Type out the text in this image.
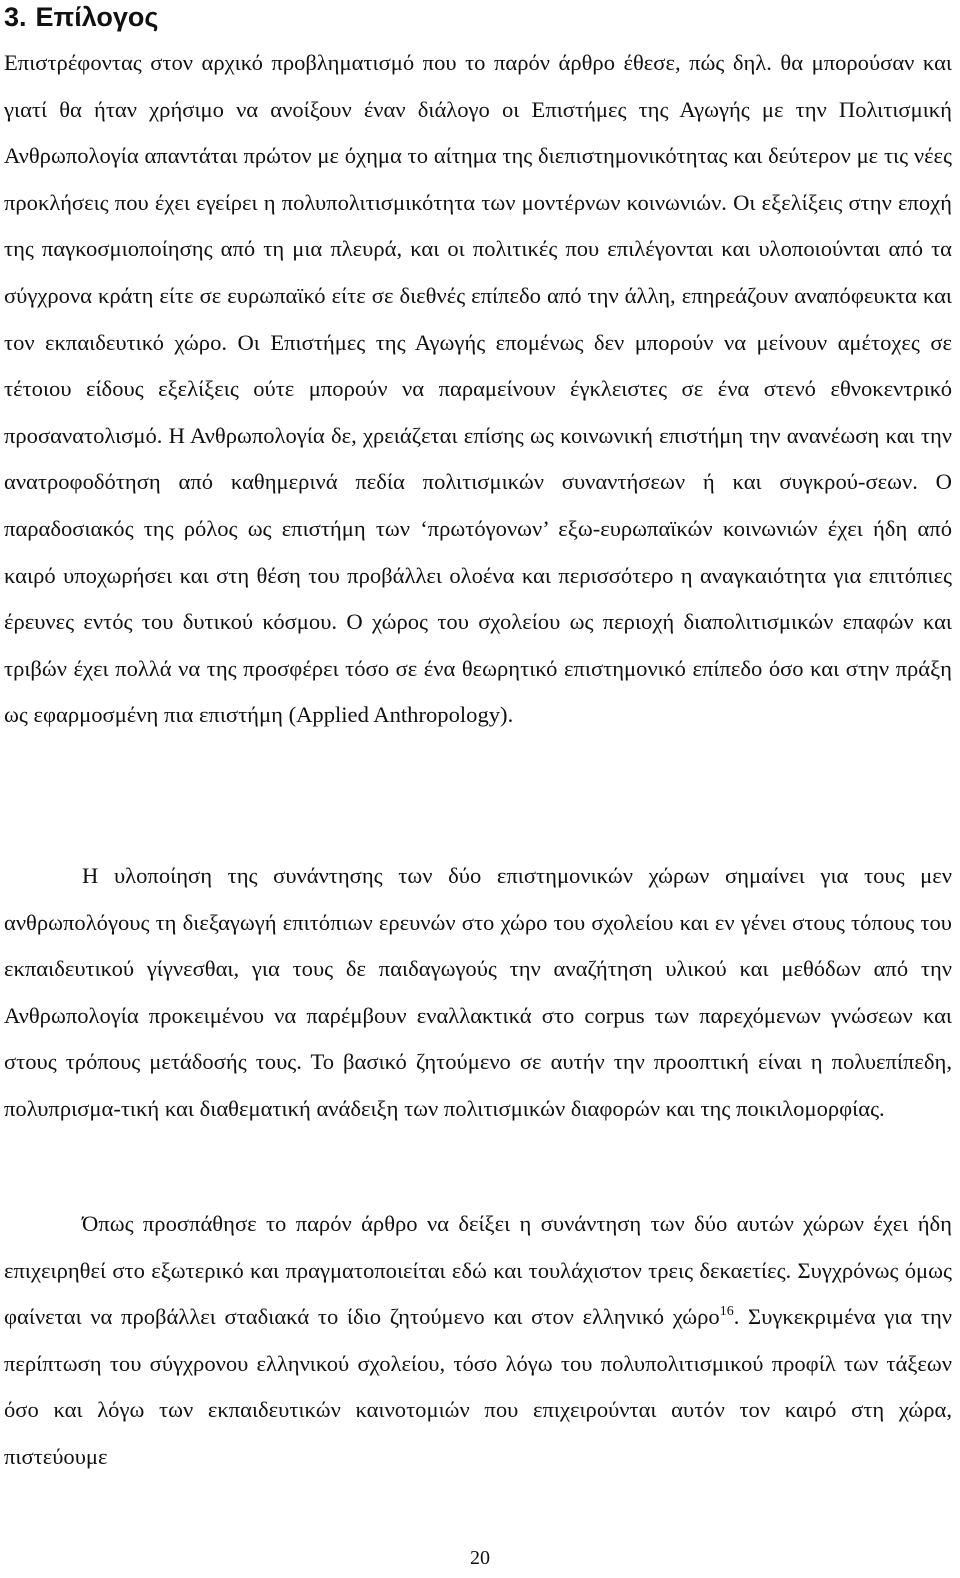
3. Επίλογος

Επιστρέφοντας στον αρχικό προβληματισμό που το παρόν άρθρο έθεσε, πώς δηλ. θα μπορούσαν και γιατί θα ήταν χρήσιμο να ανοίξουν έναν διάλογο οι Επιστήμες της Αγωγής με την Πολιτισμική Ανθρωπολογία απαντάται πρώτον με όχημα το αίτημα της διεπιστημονικότητας και δεύτερον με τις νέες προκλήσεις που έχει εγείρει η πολυπολιτισμικότητα των μοντέρνων κοινωνιών. Οι εξελίξεις στην εποχή της παγκοσμιοποίησης από τη μια πλευρά, και οι πολιτικές που επιλέγονται και υλοποιούνται από τα σύγχρονα κράτη είτε σε ευρωπαϊκό είτε σε διεθνές επίπεδο από την άλλη, επηρεάζουν αναπόφευκτα και τον εκπαιδευτικό χώρο. Οι Επιστήμες της Αγωγής επομένως δεν μπορούν να μείνουν αμέτοχες σε τέτοιου είδους εξελίξεις ούτε μπορούν να παραμείνουν έγκλειστες σε ένα στενό εθνοκεντρικό προσανατολισμό. Η Ανθρωπολογία δε, χρειάζεται επίσης ως κοινωνική επιστήμη την ανανέωση και την ανατροφοδότηση από καθημερινά πεδία πολιτισμικών συναντήσεων ή και συγκρού-σεων. Ο παραδοσιακός της ρόλος ως επιστήμη των ‘πρωτόγονων’ εξω-ευρωπαϊκών κοινωνιών έχει ήδη από καιρό υποχωρήσει και στη θέση του προβάλλει ολοένα και περισσότερο η αναγκαιότητα για επιτόπιες έρευνες εντός του δυτικού κόσμου. Ο χώρος του σχολείου ως περιοχή διαπολιτισμικών επαφών και τριβών έχει πολλά να της προσφέρει τόσο σε ένα θεωρητικό επιστημονικό επίπεδο όσο και στην πράξη ως εφαρμοσμένη πια επιστήμη (Applied Anthropology).

Η υλοποίηση της συνάντησης των δύο επιστημονικών χώρων σημαίνει για τους μεν ανθρωπολόγους τη διεξαγωγή επιτόπιων ερευνών στο χώρο του σχολείου και εν γένει στους τόπους του εκπαιδευτικού γίγνεσθαι, για τους δε παιδαγωγούς την αναζήτηση υλικού και μεθόδων από την Ανθρωπολογία προκειμένου να παρέμβουν εναλλακτικά στο corpus των παρεχόμενων γνώσεων και στους τρόπους μετάδοσής τους. Το βασικό ζητούμενο σε αυτήν την προοπτική είναι η πολυεπίπεδη, πολυπρισμα-τική και διαθεματική ανάδειξη των πολιτισμικών διαφορών και της ποικιλομορφίας.

Όπως προσπάθησε το παρόν άρθρο να δείξει η συνάντηση των δύο αυτών χώρων έχει ήδη επιχειρηθεί στο εξωτερικό και πραγματοποιείται εδώ και τουλάχιστον τρεις δεκαετίες. Συγχρόνως όμως φαίνεται να προβάλλει σταδιακά το ίδιο ζητούμενο και στον ελληνικό χώρο$^{16}$. Συγκεκριμένα για την περίπτωση του σύγχρονου ελληνικού σχολείου, τόσο λόγω του πολυπολιτισμικού προφίλ των τάξεων όσο και λόγω των εκπαιδευτικών καινοτομιών που επιχειρούνται αυτόν τον καιρό στη χώρα, πιστεύουμε

20
